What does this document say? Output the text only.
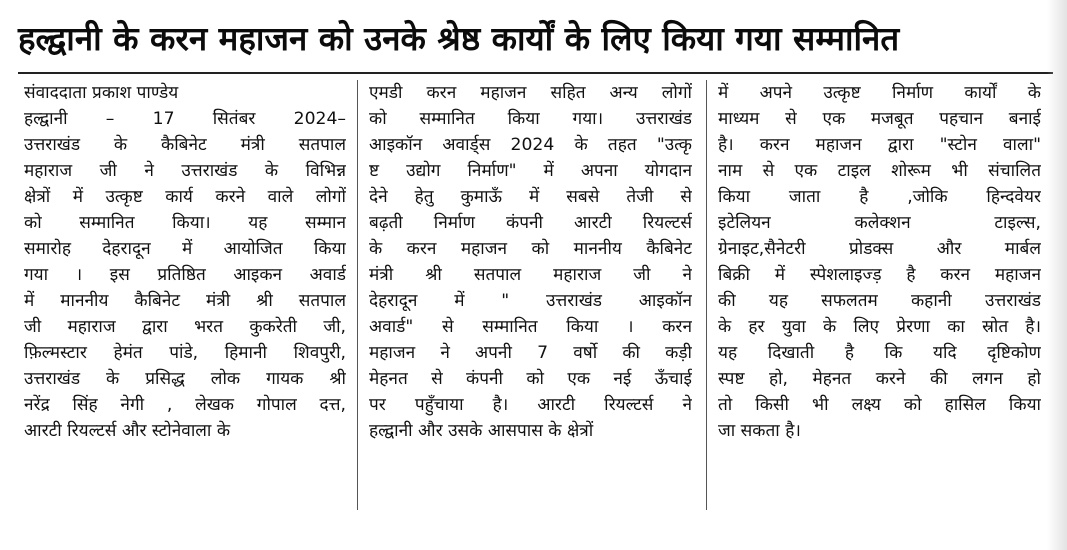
हल्द्वानी के करन महाजन को उनके श्रेष्ठ कार्यों के लिए किया गया सम्मानित
संवाददाता प्रकाश पाण्डेय
हल्द्वानी – 17 सितंबर 2024–
उत्तराखंड के कैबिनेट मंत्री सतपाल
महाराज जी ने उत्तराखंड के विभिन्न
क्षेत्रों में उत्कृष्ट कार्य करने वाले लोगों
को सम्मानित किया। यह सम्मान
समारोह देहरादून में आयोजित किया
गया । इस प्रतिष्ठित आइकन अवार्ड
में माननीय कैबिनेट मंत्री श्री सतपाल
जी महाराज द्वारा भरत कुकरेती जी,
फ़िल्मस्टार हेमंत पांडे, हिमानी शिवपुरी,
उत्तराखंड के प्रसिद्ध लोक गायक श्री
नरेंद्र सिंह नेगी , लेखक गोपाल दत्त,
आरटी रियल्टर्स और स्टोनेवाला के
एमडी करन महाजन सहित अन्य लोगों
को सम्मानित किया गया। उत्तराखंड
आइकॉन अवार्ड्स 2024 के तहत "उत्कृ
ष्ट उद्योग निर्माण" में अपना योगदान
देने हेतु कुमाऊँ में सबसे तेजी से
बढ़ती निर्माण कंपनी आरटी रियल्टर्स
के करन महाजन को माननीय कैबिनेट
मंत्री श्री सतपाल महाराज जी ने
देहरादून में " उत्तराखंड आइकॉन
अवार्ड" से सम्मानित किया । करन
महाजन ने अपनी 7 वर्षो की कड़ी
मेहनत से कंपनी को एक नई ऊँचाई
पर पहुँचाया है। आरटी रियल्टर्स ने
हल्द्वानी और उसके आसपास के क्षेत्रों
में अपने उत्कृष्ट निर्माण कार्यों के
माध्यम से एक मजबूत पहचान बनाई
है। करन महाजन द्वारा "स्टोन वाला"
नाम से एक टाइल शोरूम भी संचालित
किया जाता है ,जोकि हिन्दवेयर
इटेलियन कलेक्शन टाइल्स,
ग्रेनाइट,सैनेटरी प्रोडक्स और मार्बल
बिक्री में स्पेशलाइज्ड़ है करन महाजन
की यह सफलतम कहानी उत्तराखंड
के हर युवा के लिए प्रेरणा का स्रोत है।
यह दिखाती है कि यदि दृष्टिकोण
स्पष्ट हो, मेहनत करने की लगन हो
तो किसी भी लक्ष्य को हासिल किया
जा सकता है।
